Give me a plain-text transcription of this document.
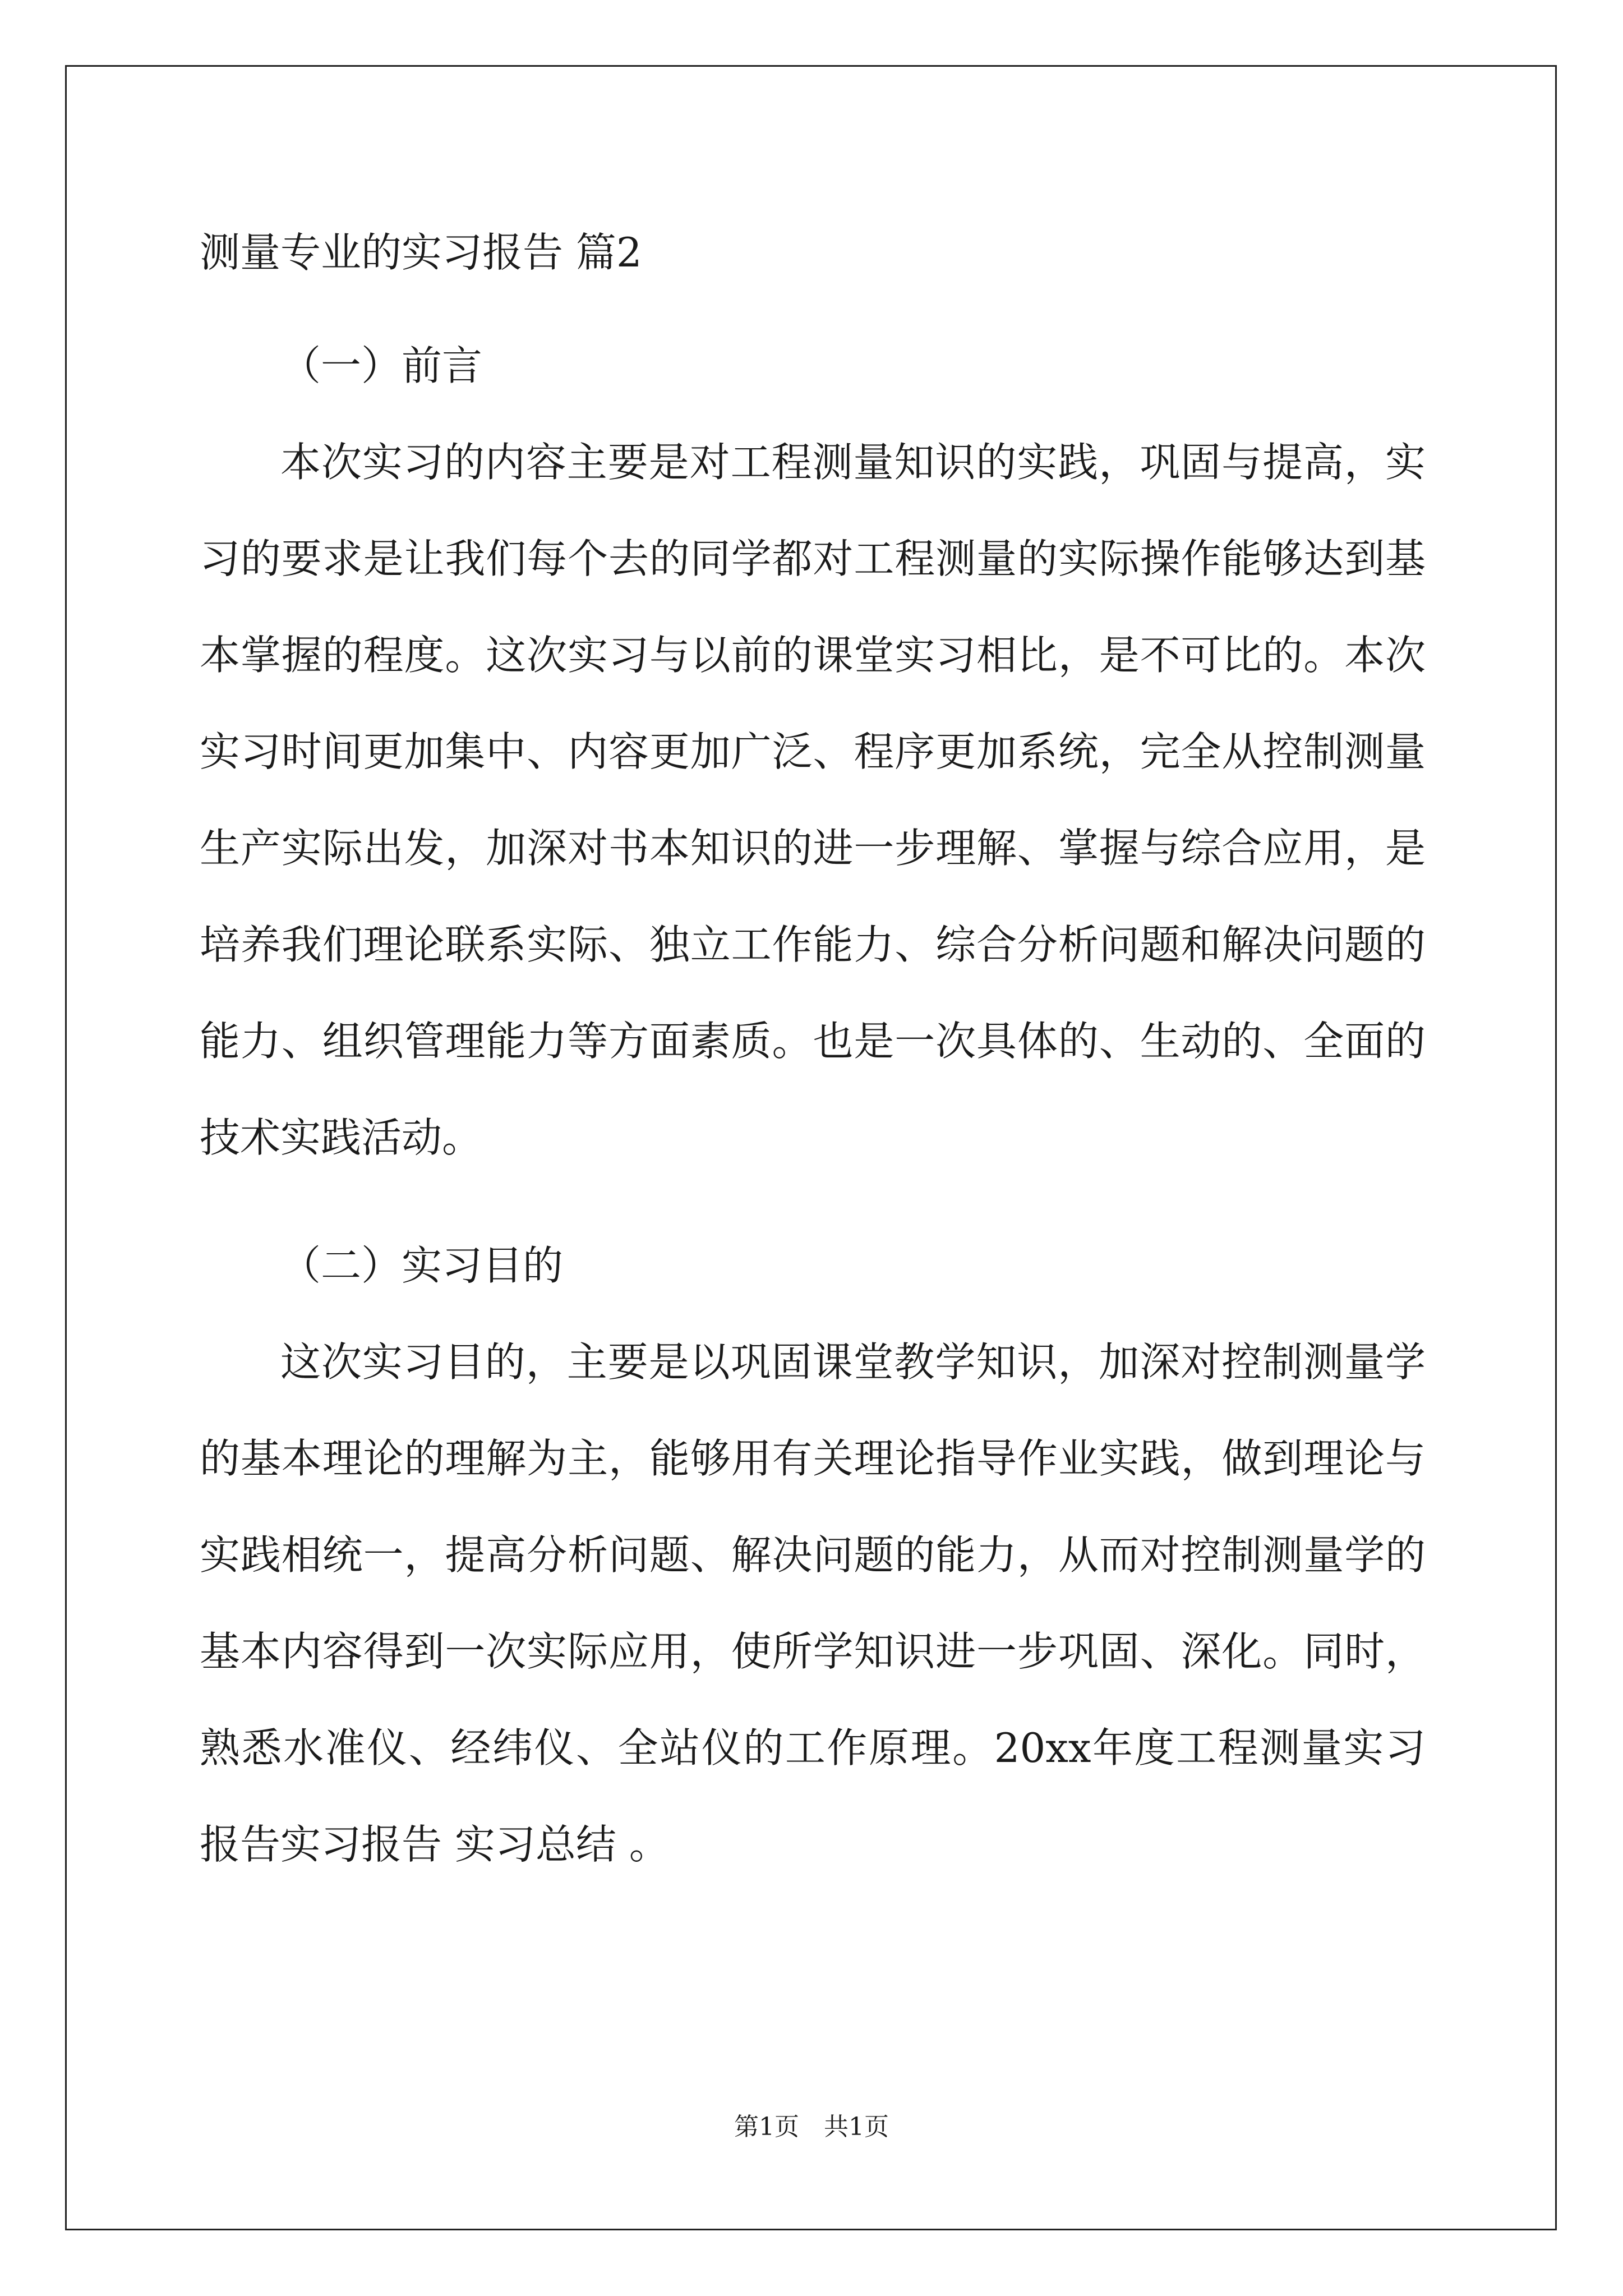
测量专业的实习报告 篇2
（一）前言

本次实习的内容主要是对工程测量知识的实践，巩固与提高，实习的要求是让我们每个去的同学都对工程测量的实际操作能够达到基本掌握的程度。这次实习与以前的课堂实习相比，是不可比的。本次实习时间更加集中、内容更加广泛、程序更加系统，完全从控制测量生产实际出发，加深对书本知识的进一步理解、掌握与综合应用，是培养我们理论联系实际、独立工作能力、综合分析问题和解决问题的能力、组织管理能力等方面素质。也是一次具体的、生动的、全面的技术实践活动。

（二）实习目的

这次实习目的，主要是以巩固课堂教学知识，加深对控制测量学的基本理论的理解为主，能够用有关理论指导作业实践，做到理论与实践相统一，提高分析问题、解决问题的能力，从而对控制测量学的基本内容得到一次实际应用，使所学知识进一步巩固、深化。同时，熟悉水准仪、经纬仪、全站仪的工作原理。20xx年度工程测量实习报告实习报告 实习总结 。

第1页　共1页
